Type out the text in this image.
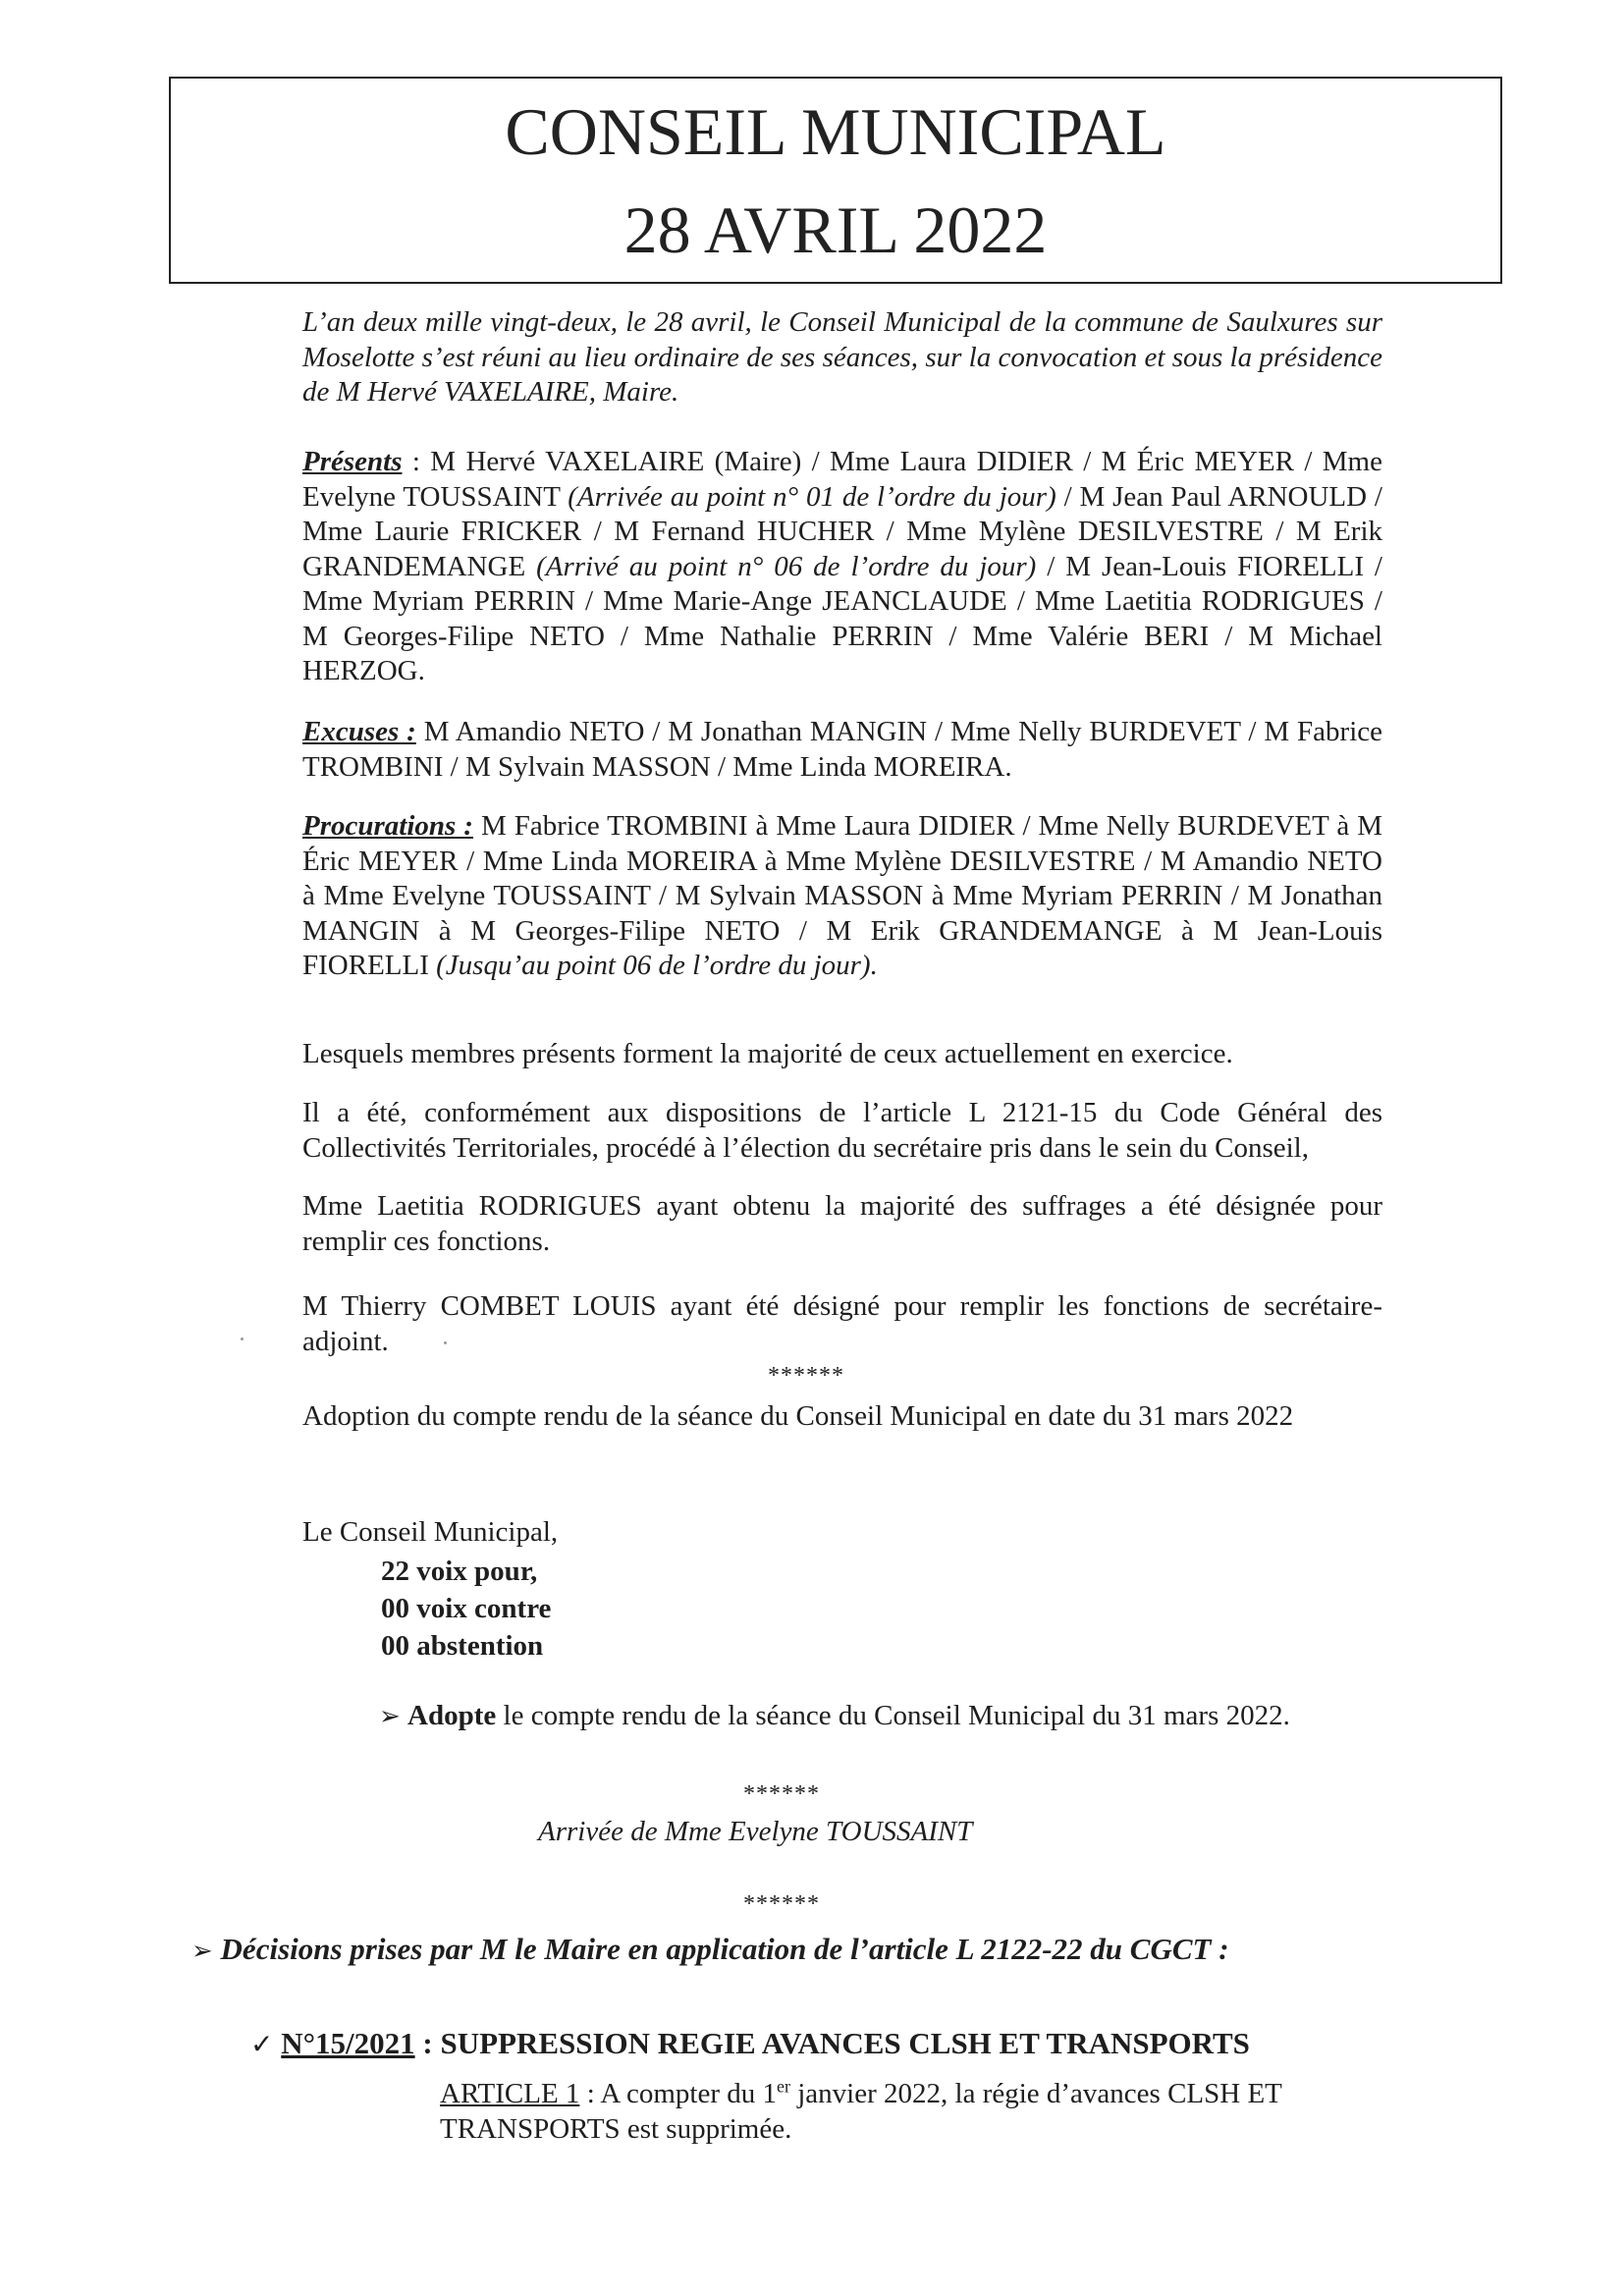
CONSEIL MUNICIPAL
28 AVRIL 2022
L’an deux mille vingt-deux, le 28 avril, le Conseil Municipal de la commune de Saulxures sur Moselotte s’est réuni au lieu ordinaire de ses séances, sur la convocation et sous la présidence de M Hervé VAXELAIRE, Maire.
Présents : M Hervé VAXELAIRE (Maire) / Mme Laura DIDIER / M Éric MEYER / Mme Evelyne TOUSSAINT (Arrivée au point n° 01 de l’ordre du jour) / M Jean Paul ARNOULD / Mme Laurie FRICKER / M Fernand HUCHER / Mme Mylène DESILVESTRE / M Erik GRANDEMANGE (Arrivé au point n° 06 de l’ordre du jour) / M Jean-Louis FIORELLI / Mme Myriam PERRIN / Mme Marie-Ange JEANCLAUDE / Mme Laetitia RODRIGUES / M Georges-Filipe NETO / Mme Nathalie PERRIN / Mme Valérie BERI / M Michael HERZOG.
Excuses : M Amandio NETO / M Jonathan MANGIN / Mme Nelly BURDEVET / M Fabrice TROMBINI / M Sylvain MASSON / Mme Linda MOREIRA.
Procurations : M Fabrice TROMBINI à Mme Laura DIDIER / Mme Nelly BURDEVET à M Éric MEYER / Mme Linda MOREIRA à Mme Mylène DESILVESTRE / M Amandio NETO à Mme Evelyne TOUSSAINT / M Sylvain MASSON à Mme Myriam PERRIN / M Jonathan MANGIN à M Georges-Filipe NETO / M Erik GRANDEMANGE à M Jean-Louis FIORELLI (Jusqu’au point 06 de l’ordre du jour).
Lesquels membres présents forment la majorité de ceux actuellement en exercice.
Il a été, conformément aux dispositions de l’article L 2121-15 du Code Général des Collectivités Territoriales, procédé à l’élection du secrétaire pris dans le sein du Conseil,
Mme Laetitia RODRIGUES ayant obtenu la majorité des suffrages a été désignée pour remplir ces fonctions.
M Thierry COMBET LOUIS ayant été désigné pour remplir les fonctions de secrétaire-adjoint.
******
Adoption du compte rendu de la séance du Conseil Municipal en date du 31 mars 2022
Le Conseil Municipal,
22 voix pour,
00 voix contre
00 abstention
➢ Adopte le compte rendu de la séance du Conseil Municipal du 31 mars 2022.
******
Arrivée de Mme Evelyne TOUSSAINT
******
➢ Décisions prises par M le Maire en application de l’article L 2122-22 du CGCT :
✓ N°15/2021 : SUPPRESSION REGIE AVANCES CLSH ET TRANSPORTS
ARTICLE 1 : A compter du 1er janvier 2022, la régie d’avances CLSH ET TRANSPORTS est supprimée.
